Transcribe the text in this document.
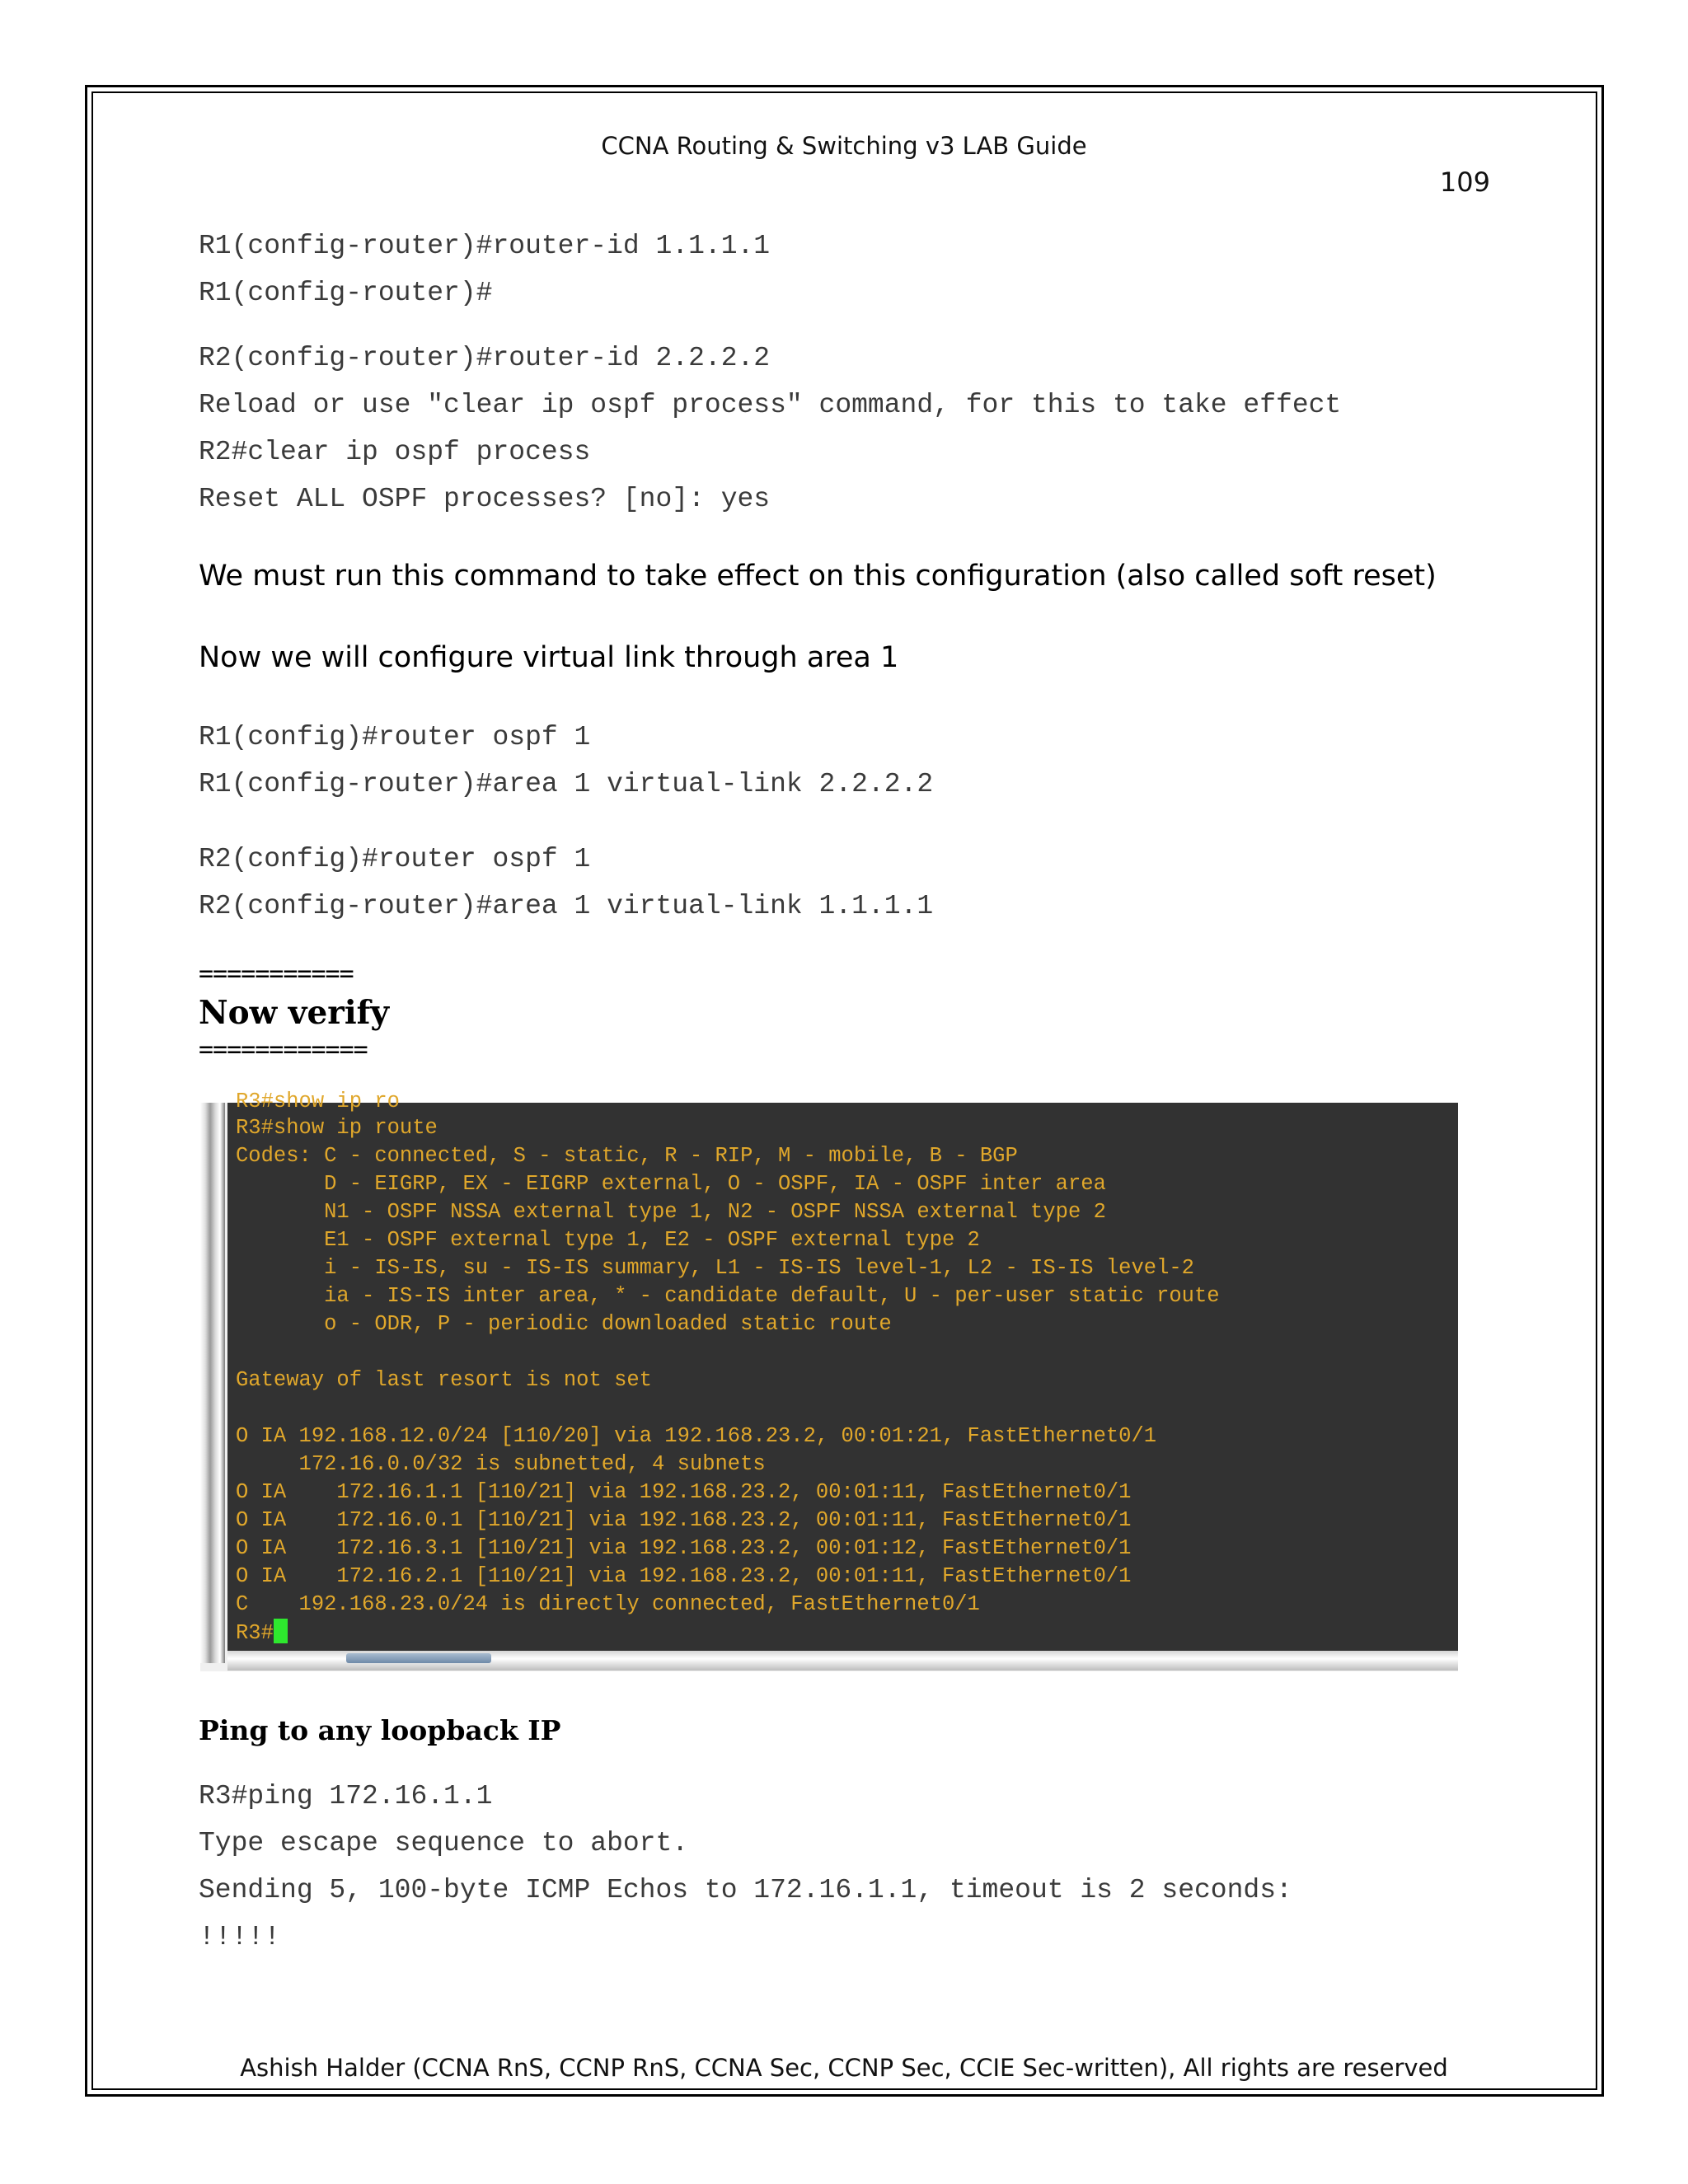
CCNA Routing & Switching v3 LAB Guide
109
R1(config-router)#router-id 1.1.1.1
R1(config-router)#
R2(config-router)#router-id 2.2.2.2
Reload or use "clear ip ospf process" command, for this to take effect
R2#clear ip ospf process
Reset ALL OSPF processes? [no]: yes
We must run this command to take effect on this configuration (also called soft reset)
Now we will configure virtual link through area 1
R1(config)#router ospf 1
R1(config-router)#area 1 virtual-link 2.2.2.2
R2(config)#router ospf 1
R2(config-router)#area 1 virtual-link 1.1.1.1
===========
Now verify
============
R3#show ip ro
R3#show ip route
Codes: C - connected, S - static, R - RIP, M - mobile, B - BGP
D - EIGRP, EX - EIGRP external, O - OSPF, IA - OSPF inter area
N1 - OSPF NSSA external type 1, N2 - OSPF NSSA external type 2
E1 - OSPF external type 1, E2 - OSPF external type 2
i - IS-IS, su - IS-IS summary, L1 - IS-IS level-1, L2 - IS-IS level-2
ia - IS-IS inter area, * - candidate default, U - per-user static route
o - ODR, P - periodic downloaded static route
Gateway of last resort is not set
O IA 192.168.12.0/24 [110/20] via 192.168.23.2, 00:01:21, FastEthernet0/1
172.16.0.0/32 is subnetted, 4 subnets
O IA    172.16.1.1 [110/21] via 192.168.23.2, 00:01:11, FastEthernet0/1
O IA    172.16.0.1 [110/21] via 192.168.23.2, 00:01:11, FastEthernet0/1
O IA    172.16.3.1 [110/21] via 192.168.23.2, 00:01:12, FastEthernet0/1
O IA    172.16.2.1 [110/21] via 192.168.23.2, 00:01:11, FastEthernet0/1
C    192.168.23.0/24 is directly connected, FastEthernet0/1
R3#
Ping to any loopback IP
R3#ping 172.16.1.1
Type escape sequence to abort.
Sending 5, 100-byte ICMP Echos to 172.16.1.1, timeout is 2 seconds:
!!!!!
Ashish Halder (CCNA RnS, CCNP RnS, CCNA Sec, CCNP Sec, CCIE Sec-written), All rights are reserved
